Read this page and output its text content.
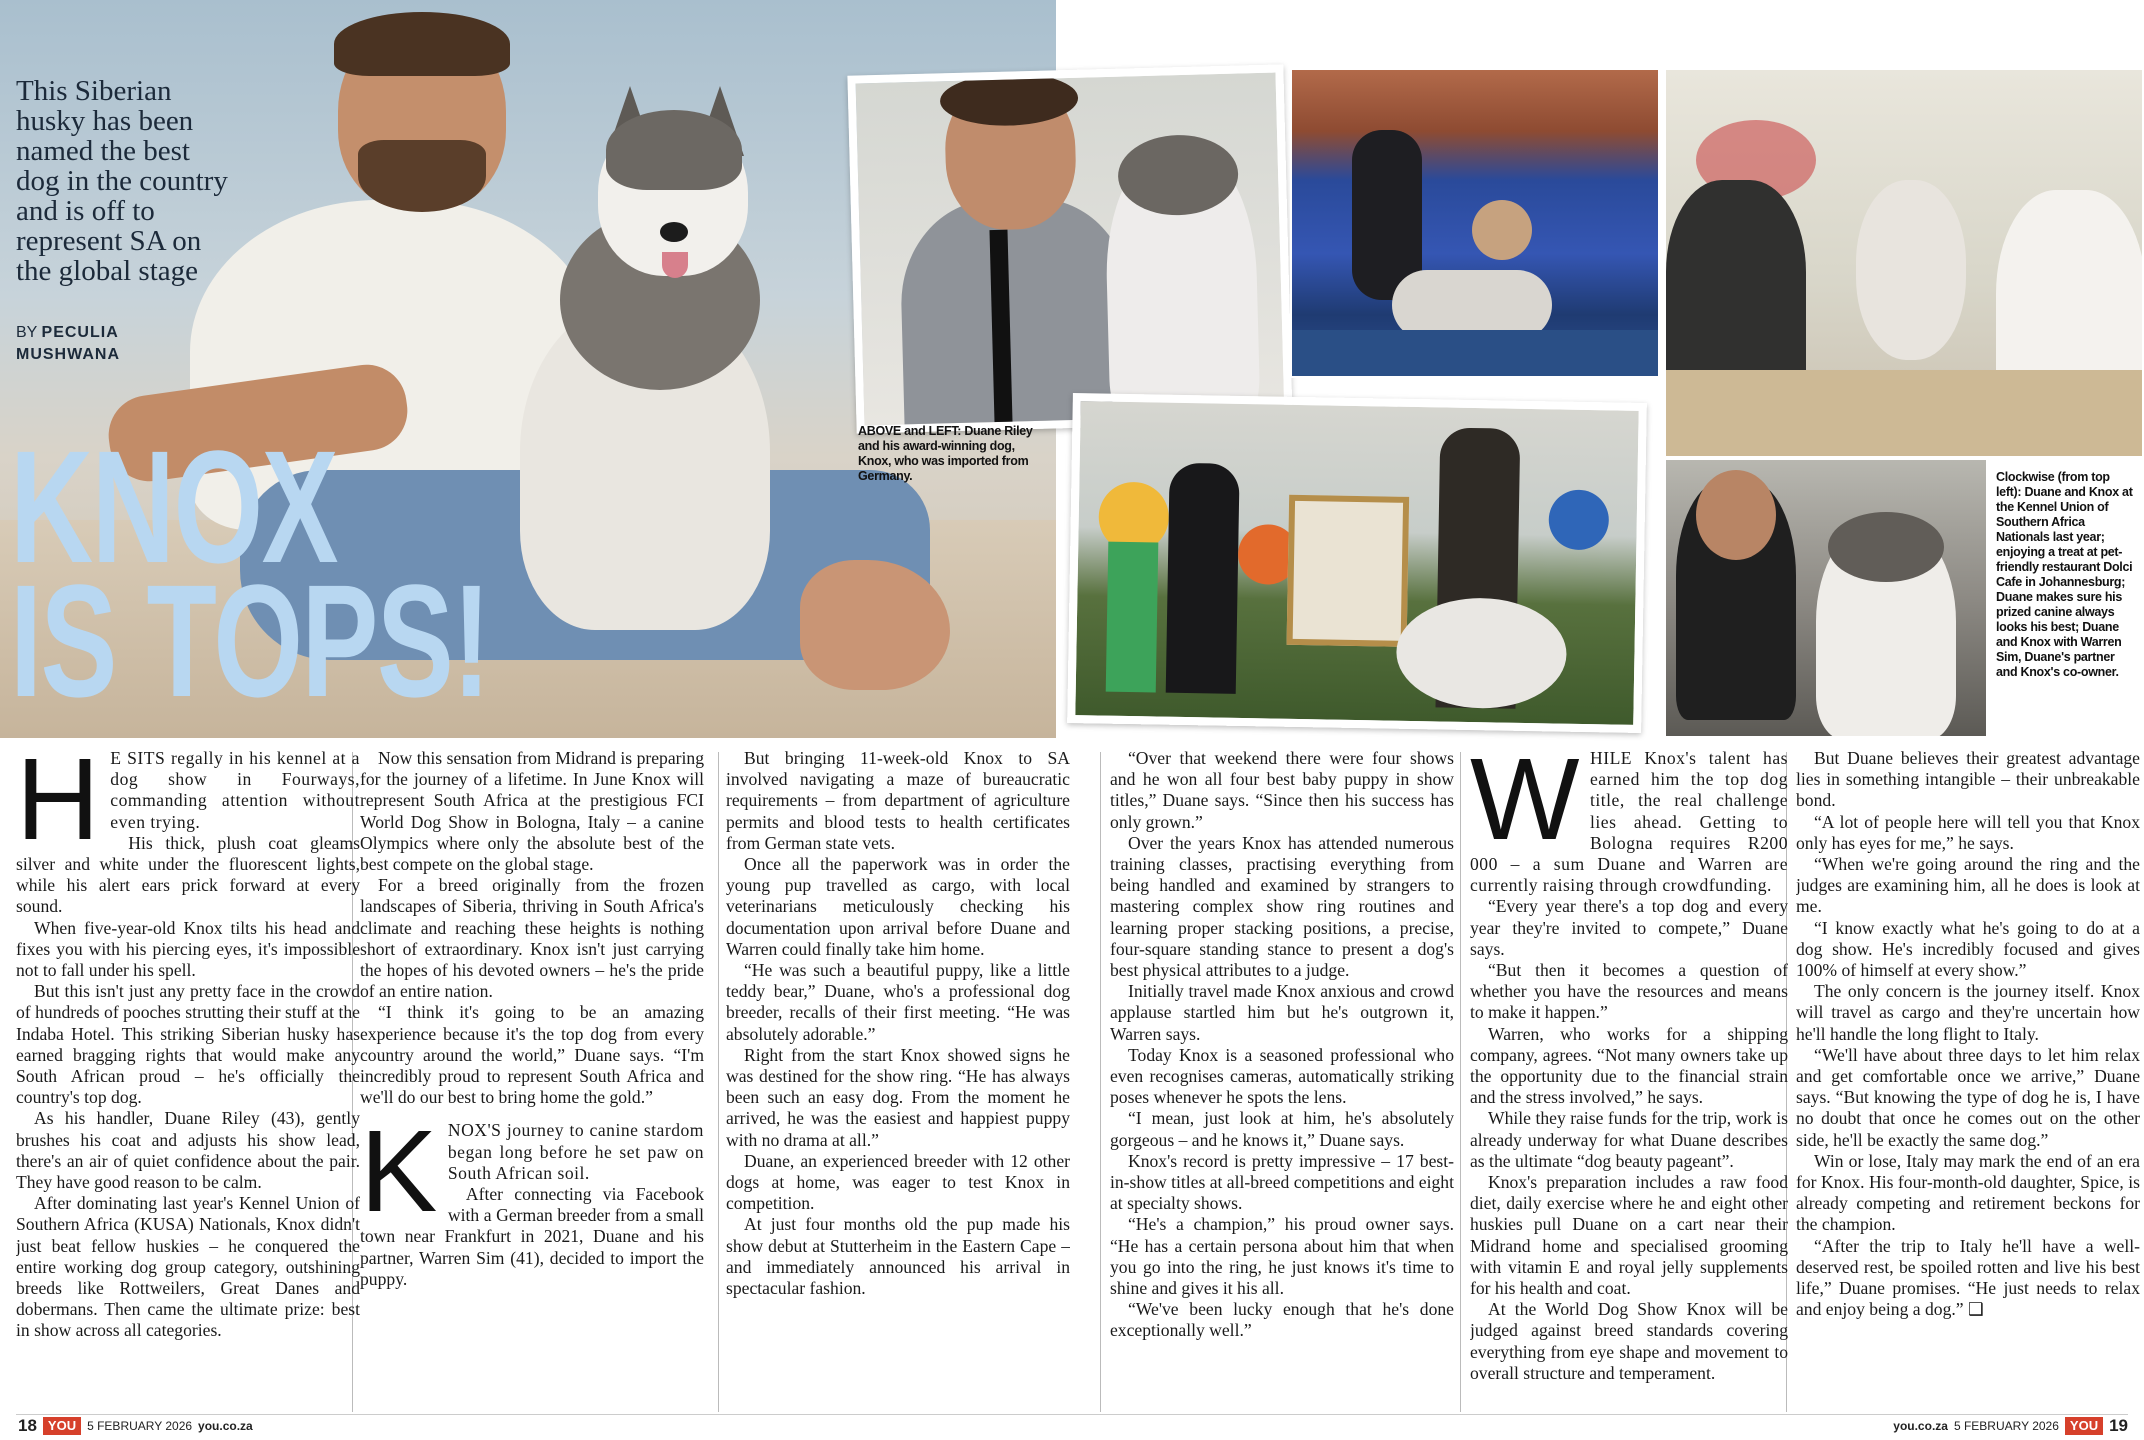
This Siberian husky has been named the best dog in the country and is off to represent SA on the global stage
BY PECULIA MUSHWANA
KNOX
IS TOPS!
ABOVE and LEFT: Duane Riley and his award-winning dog, Knox, who was imported from Germany.	Clockwise (from top left): Duane and Knox at the Kennel Union of Southern Africa Nationals last year; enjoying a treat at pet-friendly restaurant Dolci Cafe in Johannesburg; Duane makes sure his prized canine always looks his best; Duane and Knox with Warren Sim, Duane's partner and Knox's co-owner.

H E SITS regally in his kennel at a dog show in Fourways, commanding attention without even trying.

His thick, plush coat gleams silver and white under the fluorescent lights, while his alert ears prick forward at every sound.

When five-year-old Knox tilts his head and fixes you with his piercing eyes, it's impossible not to fall under his spell.

But this isn't just any pretty face in the crowd of hundreds of pooches strutting their stuff at the Indaba Hotel. This striking Siberian husky has earned bragging rights that would make any South African proud – he's officially the country's top dog.

As his handler, Duane Riley (43), gently brushes his coat and adjusts his show lead, there's an air of quiet confidence about the pair. They have good reason to be calm.

After dominating last year's Kennel Union of Southern Africa (KUSA) Nationals, Knox didn't just beat fellow huskies – he conquered the entire working dog group category, outshining breeds like Rottweilers, Great Danes and dobermans. Then came the ultimate prize: best in show across all categories.

Now this sensation from Midrand is preparing for the journey of a lifetime. In June Knox will represent South Africa at the prestigious FCI World Dog Show in Bologna, Italy – a canine Olympics where only the absolute best of the best compete on the global stage.

For a breed originally from the frozen landscapes of Siberia, thriving in South Africa's climate and reaching these heights is nothing short of extraordinary. Knox isn't just carrying the hopes of his devoted owners – he's the pride of an entire nation.

“I think it's going to be an amazing experience because it's the top dog from every country around the world,” Duane says. “I'm incredibly proud to represent South Africa and we'll do our best to bring home the gold.”

KNOX'S journey to canine stardom began long before he set paw on South African soil.

After connecting via Facebook with a German breeder from a small town near Frankfurt in 2021, Duane and his partner, Warren Sim (41), decided to import the puppy.

But bringing 11-week-old Knox to SA involved navigating a maze of bureaucratic requirements – from department of agriculture permits and blood tests to health certificates from German state vets.

Once all the paperwork was in order the young pup travelled as cargo, with local veterinarians meticulously checking his documentation upon arrival before Duane and Warren could finally take him home.

“He was such a beautiful puppy, like a little teddy bear,” Duane, who's a professional dog breeder, recalls of their first meeting. “He was absolutely adorable.”

Right from the start Knox showed signs he was destined for the show ring. “He has always been such an easy dog. From the moment he arrived, he was the easiest and happiest puppy with no drama at all.”

Duane, an experienced breeder with 12 other dogs at home, was eager to test Knox in competition.

At just four months old the pup made his show debut at Stutterheim in the Eastern Cape – and immediately announced his arrival in spectacular fashion.

“Over that weekend there were four shows and he won all four best baby puppy in show titles,” Duane says. “Since then his success has only grown.”

Over the years Knox has attended numerous training classes, practising everything from being handled and examined by strangers to mastering complex show ring routines and learning proper stacking positions, a precise, four-square standing stance to present a dog's best physical attributes to a judge.

Initially travel made Knox anxious and crowd applause startled him but he's outgrown it, Warren says.

Today Knox is a seasoned professional who even recognises cameras, automatically striking poses whenever he spots the lens.

“I mean, just look at him, he's absolutely gorgeous – and he knows it,” Duane says.

Knox's record is pretty impressive – 17 best-in-show titles at all-breed competitions and eight at specialty shows.

“He's a champion,” his proud owner says. “He has a certain persona about him that when you go into the ring, he just knows it's time to shine and gives it his all.

“We've been lucky enough that he's done exceptionally well.”

WHILE Knox's talent has earned him the top dog title, the real challenge lies ahead. Getting to Bologna requires R200 000 – a sum Duane and Warren are currently raising through crowdfunding.

“Every year there's a top dog and every year they're invited to compete,” Duane says.

“But then it becomes a question of whether you have the resources and means to make it happen.”

Warren, who works for a shipping company, agrees. “Not many owners take up the opportunity due to the financial strain and the stress involved,” he says.

While they raise funds for the trip, work is already underway for what Duane describes as the ultimate “dog beauty pageant”.

Knox's preparation includes a raw food diet, daily exercise where he and eight other huskies pull Duane on a cart near their Midrand home and specialised grooming with vitamin E and royal jelly supplements for his health and coat.

At the World Dog Show Knox will be judged against breed standards covering everything from eye shape and movement to overall structure and temperament.

But Duane believes their greatest advantage lies in something intangible – their unbreakable bond.

“A lot of people here will tell you that Knox only has eyes for me,” he says.

“When we're going around the ring and the judges are examining him, all he does is look at me.

“I know exactly what he's going to do at a dog show. He's incredibly focused and gives 100% of himself at every show.”

The only concern is the journey itself. Knox will travel as cargo and they're uncertain how he'll handle the long flight to Italy.

“We'll have about three days to let him relax and get comfortable once we arrive,” Duane says. “But knowing the type of dog he is, I have no doubt that once he comes out on the other side, he'll be exactly the same dog.”

Win or lose, Italy may mark the end of an era for Knox. His four-month-old daughter, Spice, is already competing and retirement beckons for the champion.

“After the trip to Italy he'll have a well-deserved rest, be spoiled rotten and live his best life,” Duane promises. “He just needs to relax and enjoy being a dog.” ❑

18 YOU 5 FEBRUARY 2026 you.co.za	you.co.za 5 FEBRUARY 2026 YOU 19
